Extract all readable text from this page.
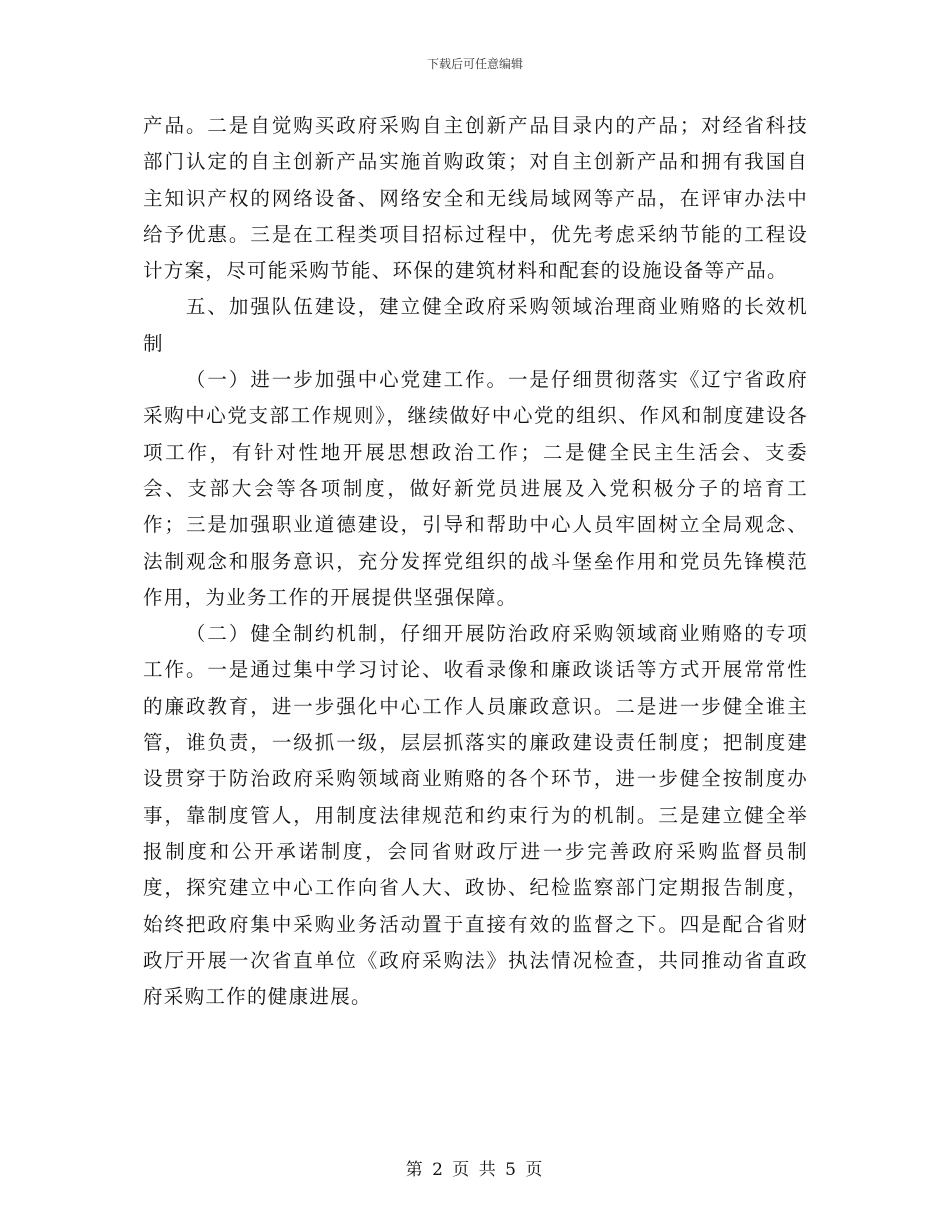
下载后可任意编辑

产品。二是自觉购买政府采购自主创新产品目录内的产品；对经省科技部门认定的自主创新产品实施首购政策；对自主创新产品和拥有我国自主知识产权的网络设备、网络安全和无线局域网等产品，在评审办法中给予优惠。三是在工程类项目招标过程中，优先考虑采纳节能的工程设计方案，尽可能采购节能、环保的建筑材料和配套的设施设备等产品。

五、加强队伍建设，建立健全政府采购领域治理商业贿赂的长效机制

（一）进一步加强中心党建工作。一是仔细贯彻落实《辽宁省政府采购中心党支部工作规则》，继续做好中心党的组织、作风和制度建设各项工作，有针对性地开展思想政治工作；二是健全民主生活会、支委会、支部大会等各项制度，做好新党员进展及入党积极分子的培育工作；三是加强职业道德建设，引导和帮助中心人员牢固树立全局观念、法制观念和服务意识，充分发挥党组织的战斗堡垒作用和党员先锋模范作用，为业务工作的开展提供坚强保障。

（二）健全制约机制，仔细开展防治政府采购领域商业贿赂的专项工作。一是通过集中学习讨论、收看录像和廉政谈话等方式开展常常性的廉政教育，进一步强化中心工作人员廉政意识。二是进一步健全谁主管，谁负责，一级抓一级，层层抓落实的廉政建设责任制度；把制度建设贯穿于防治政府采购领域商业贿赂的各个环节，进一步健全按制度办事，靠制度管人，用制度法律规范和约束行为的机制。三是建立健全举报制度和公开承诺制度，会同省财政厅进一步完善政府采购监督员制度，探究建立中心工作向省人大、政协、纪检监察部门定期报告制度，始终把政府集中采购业务活动置于直接有效的监督之下。四是配合省财政厅开展一次省直单位《政府采购法》执法情况检查，共同推动省直政府采购工作的健康进展。

第 2 页 共 5 页
